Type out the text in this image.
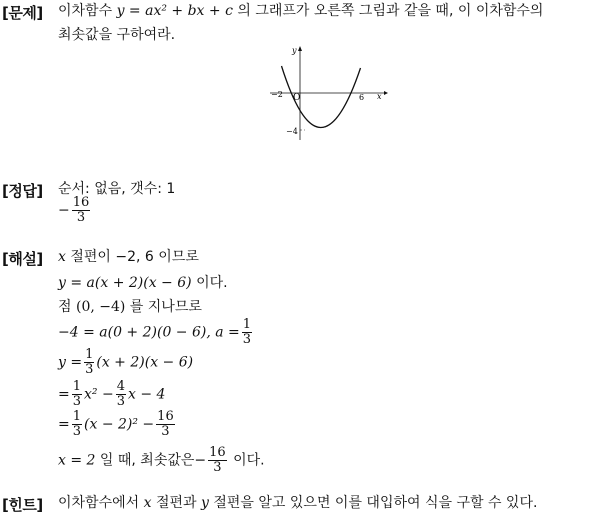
[문제] 이차함수 y = ax² + bx + c 의 그래프가 오른쪽 그림과 같을 때, 이 이차함수의
최솟값을 구하여라.
y
x
O
−2	6
−4
[정답] 순서: 없음, 갯수: 1
− $\frac{16}{3}$
[해설] x 절편이 −2, 6 이므로
y = a(x + 2)(x − 6) 이다.
점 (0, −4) 를 지나므로
−4 = a(0 + 2)(0 − 6), $a = \frac{1}{3}$
$y = \frac{1}{3} (x + 2)(x - 6)$
= $\frac{1}{3} x^2 - \frac{4}{3}$ x − 4
= $\frac{1}{3} (x - 2)^2 - \frac{16}{3}$
x = 2 일 때, 최솟값은− $\frac{16}{3}$ 이다.
[힌트] 이차함수에서 x 절편과 y 절편을 알고 있으면 이를 대입하여 식을 구할 수 있다.
